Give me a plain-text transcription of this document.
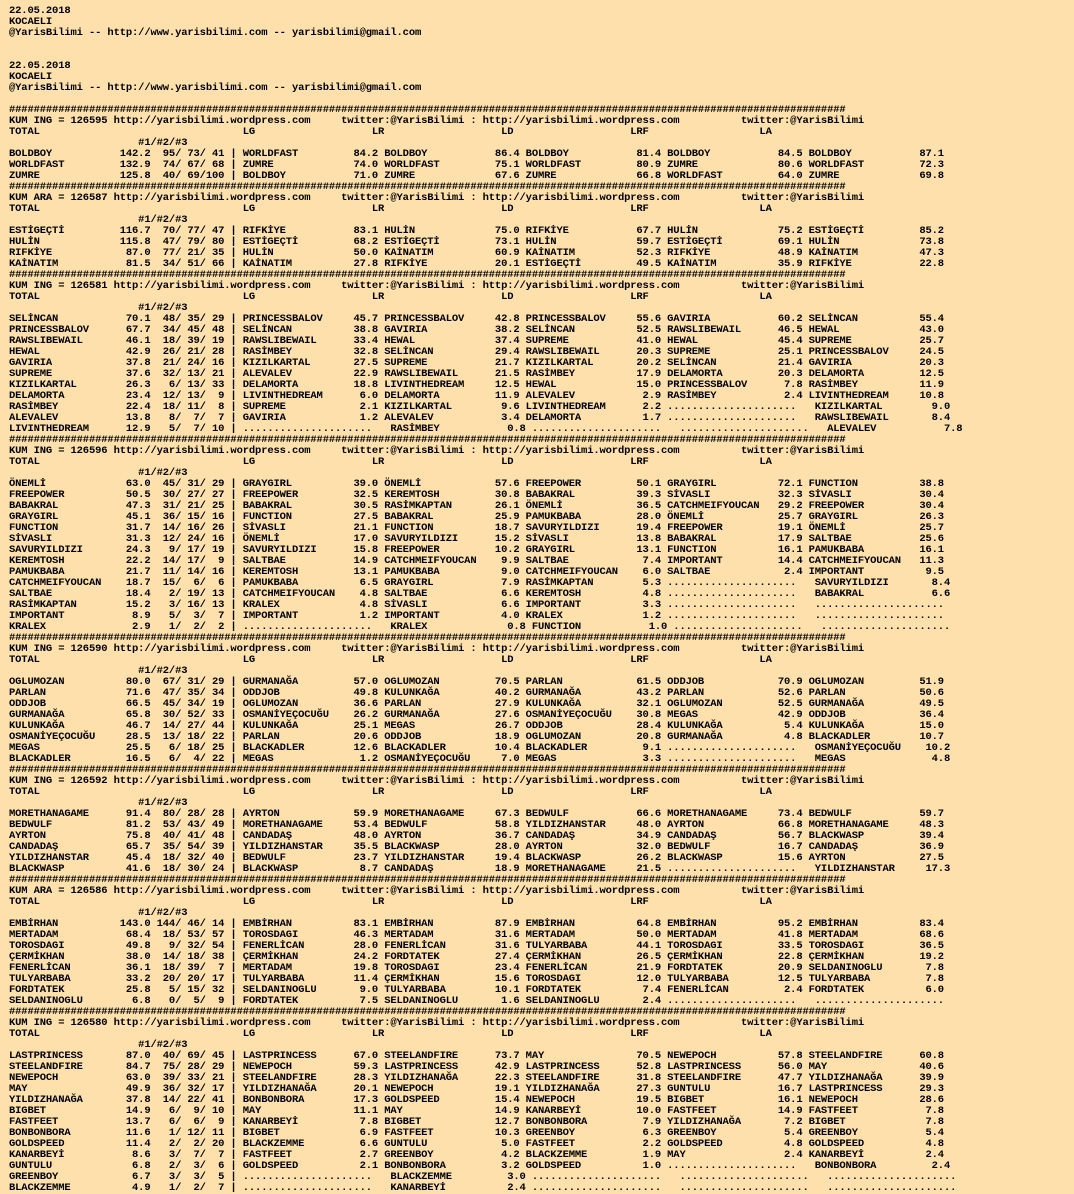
22.05.2018
KOCAELI
@YarisBilimi -- http://www.yarisbilimi.com -- yarisbilimi@gmail.com
22.05.2018
KOCAELI
@YarisBilimi -- http://www.yarisbilimi.com -- yarisbilimi@gmail.com
########################################################################################################################################
KUM ING = 126595 http://yarisbilimi.wordpress.com     twitter:@YarisBilimi : http://yarisbilimi.wordpress.com          twitter:@YarisBilimi
TOTAL                                 LG                   LR                   LD                   LRF                  LA
#1/#2/#3
BOLDBOY           142.2  95/ 73/ 41 | WORLDFAST         84.2 BOLDBOY           86.4 BOLDBOY           81.4 BOLDBOY           84.5 BOLDBOY           87.1
WORLDFAST         132.9  74/ 67/ 68 | ZUMRE             74.0 WORLDFAST         75.1 WORLDFAST         80.9 ZUMRE             80.6 WORLDFAST         72.3
ZUMRE             125.8  40/ 69/100 | BOLDBOY           71.0 ZUMRE             67.6 ZUMRE             66.8 WORLDFAST         64.0 ZUMRE             69.8
########################################################################################################################################
KUM ARA = 126587 http://yarisbilimi.wordpress.com     twitter:@YarisBilimi : http://yarisbilimi.wordpress.com          twitter:@YarisBilimi
TOTAL                                 LG                   LR                   LD                   LRF                  LA
#1/#2/#3
ESTİGEÇTİ         116.7  70/ 77/ 47 | RIFKİYE           83.1 HULİN             75.0 RIFKİYE           67.7 HULİN             75.2 ESTİGEÇTİ         85.2
HULİN             115.8  47/ 79/ 80 | ESTİGEÇTİ         68.2 ESTİGEÇTİ         73.1 HULİN             59.7 ESTİGEÇTİ         69.1 HULİN             73.8
RIFKİYE            87.0  77/ 21/ 35 | HULİN             50.0 KAİNATIM          60.9 KAİNATIM          52.3 RIFKİYE           48.9 KAİNATIM          47.3
KAİNATIM           81.5  34/ 51/ 66 | KAİNATIM          27.8 RIFKİYE           20.1 ESTİGEÇTİ         49.5 KAİNATIM          35.9 RIFKİYE           22.8
########################################################################################################################################
KUM ING = 126581 http://yarisbilimi.wordpress.com     twitter:@YarisBilimi : http://yarisbilimi.wordpress.com          twitter:@YarisBilimi
TOTAL                                 LG                   LR                   LD                   LRF                  LA
#1/#2/#3
SELİNCAN           70.1  48/ 35/ 29 | PRINCESSBALOV     45.7 PRINCESSBALOV     42.8 PRINCESSBALOV     55.6 GAVIRIA           60.2 SELİNCAN          55.4
PRINCESSBALOV      67.7  34/ 45/ 48 | SELİNCAN          38.8 GAVIRIA           38.2 SELİNCAN          52.5 RAWSLIBEWAIL      46.5 HEWAL             43.0
RAWSLIBEWAIL       46.1  18/ 39/ 19 | RAWSLIBEWAIL      33.4 HEWAL             37.4 SUPREME           41.0 HEWAL             45.4 SUPREME           25.7
HEWAL              42.9  26/ 21/ 28 | RASİMBEY          32.8 SELİNCAN          29.4 RAWSLIBEWAIL      20.3 SUPREME           25.1 PRINCESSBALOV     24.5
GAVIRIA            37.8  21/ 24/ 16 | KIZILKARTAL       27.5 SUPREME           21.7 KIZILKARTAL       20.2 SELİNCAN          21.4 GAVIRIA           20.3
SUPREME            37.6  32/ 13/ 21 | ALEVALEV          22.9 RAWSLIBEWAIL      21.5 RASİMBEY          17.9 DELAMORTA         20.3 DELAMORTA         12.5
KIZILKARTAL        26.3   6/ 13/ 33 | DELAMORTA         18.8 LIVINTHEDREAM     12.5 HEWAL             15.0 PRINCESSBALOV      7.8 RASİMBEY          11.9
DELAMORTA          23.4  12/ 13/  9 | LIVINTHEDREAM      6.0 DELAMORTA         11.9 ALEVALEV           2.9 RASİMBEY           2.4 LIVINTHEDREAM     10.8
RASİMBEY           22.4  18/ 11/  8 | SUPREME            2.1 KIZILKARTAL        9.6 LIVINTHEDREAM      2.2 .....................   KIZILKARTAL        9.0
ALEVALEV           13.8   8/  7/  7 | GAVIRIA            1.2 ALEVALEV           3.4 DELAMORTA          1.7 .....................   RAWSLIBEWAIL       8.4
LIVINTHEDREAM      12.9   5/  7/ 10 | .....................   RASİMBEY           0.8 .....................   .....................   ALEVALEV           7.8
########################################################################################################################################
KUM ING = 126596 http://yarisbilimi.wordpress.com     twitter:@YarisBilimi : http://yarisbilimi.wordpress.com          twitter:@YarisBilimi
TOTAL                                 LG                   LR                   LD                   LRF                  LA
#1/#2/#3
ÖNEMLİ             63.0  45/ 31/ 29 | GRAYGIRL          39.0 ÖNEMLİ            57.6 FREEPOWER         50.1 GRAYGIRL          72.1 FUNCTION          38.8
FREEPOWER          50.5  30/ 27/ 27 | FREEPOWER         32.5 KEREMTOSH         30.8 BABAKRAL          39.3 SİVASLI           32.3 SİVASLI           30.4
BABAKRAL           47.3  31/ 21/ 25 | BABAKRAL          30.5 RASİMKAPTAN       26.1 ÖNEMLİ            36.5 CATCHMEIFYOUCAN   29.2 FREEPOWER         30.4
GRAYGIRL           45.1  36/ 15/ 16 | FUNCTION          27.5 BABAKRAL          25.9 PAMUKBABA         28.0 ÖNEMLİ            25.7 GRAYGIRL          26.3
FUNCTION           31.7  14/ 16/ 26 | SİVASLI           21.1 FUNCTION          18.7 SAVURYILDIZI      19.4 FREEPOWER         19.1 ÖNEMLİ            25.7
SİVASLI            31.3  12/ 24/ 16 | ÖNEMLİ            17.0 SAVURYILDIZI      15.2 SİVASLI           13.8 BABAKRAL          17.9 SALTBAE           25.6
SAVURYILDIZI       24.3   9/ 17/ 19 | SAVURYILDIZI      15.8 FREEPOWER         10.2 GRAYGIRL          13.1 FUNCTION          16.1 PAMUKBABA         16.1
KEREMTOSH          22.2  14/ 17/  9 | SALTBAE           14.9 CATCHMEIFYOUCAN    9.9 SALTBAE            7.4 IMPORTANT         14.4 CATCHMEIFYOUCAN   11.3
PAMUKBABA          21.7  11/ 14/ 16 | KEREMTOSH         13.1 PAMUKBABA          9.0 CATCHMEIFYOUCAN    6.0 SALTBAE            2.4 IMPORTANT          9.5
CATCHMEIFYOUCAN    18.7  15/  6/  6 | PAMUKBABA          6.5 GRAYGIRL           7.9 RASİMKAPTAN        5.3 .....................   SAVURYILDIZI       8.4
SALTBAE            18.4   2/ 19/ 13 | CATCHMEIFYOUCAN    4.8 SALTBAE            6.6 KEREMTOSH          4.8 .....................   BABAKRAL           6.6
RASİMKAPTAN        15.2   3/ 16/ 13 | KRALEX             4.8 SİVASLI            6.6 IMPORTANT          3.3 .....................   .....................
IMPORTANT           8.9   5/  3/  7 | IMPORTANT          1.2 IMPORTANT          4.0 KRALEX             1.2 .....................   .....................
KRALEX              2.9   1/  2/  2 | .....................   KRALEX             0.8 FUNCTION           1.0 .....................   .....................
########################################################################################################################################
KUM ING = 126590 http://yarisbilimi.wordpress.com     twitter:@YarisBilimi : http://yarisbilimi.wordpress.com          twitter:@YarisBilimi
TOTAL                                 LG                   LR                   LD                   LRF                  LA
#1/#2/#3
OGLUMOZAN          80.0  67/ 31/ 29 | GURMANAĞA         57.0 OGLUMOZAN         70.5 PARLAN            61.5 ODDJOB            70.9 OGLUMOZAN         51.9
PARLAN             71.6  47/ 35/ 34 | ODDJOB            49.8 KULUNKAĞA         40.2 GURMANAĞA         43.2 PARLAN            52.6 PARLAN            50.6
ODDJOB             66.5  45/ 34/ 19 | OGLUMOZAN         36.6 PARLAN            27.9 KULUNKAĞA         32.1 OGLUMOZAN         52.5 GURMANAĞA         49.5
GURMANAĞA          65.8  30/ 52/ 33 | OSMANİYEÇOCUĞU    26.2 GURMANAĞA         27.6 OSMANİYEÇOCUĞU    30.8 MEGAS             42.9 ODDJOB            36.4
KULUNKAĞA          46.7  14/ 27/ 44 | KULUNKAĞA         25.1 MEGAS             26.7 ODDJOB            28.4 KULUNKAĞA          5.4 KULUNKAĞA         15.0
OSMANİYEÇOCUĞU     28.5  13/ 18/ 22 | PARLAN            20.6 ODDJOB            18.9 OGLUMOZAN         20.8 GURMANAĞA          4.8 BLACKADLER        10.7
MEGAS              25.5   6/ 18/ 25 | BLACKADLER        12.6 BLACKADLER        10.4 BLACKADLER         9.1 .....................   OSMANİYEÇOCUĞU    10.2
BLACKADLER         16.5   6/  4/ 22 | MEGAS              1.2 OSMANİYEÇOCUĞU     7.0 MEGAS              3.3 .....................   MEGAS              4.8
########################################################################################################################################
KUM ING = 126592 http://yarisbilimi.wordpress.com     twitter:@YarisBilimi : http://yarisbilimi.wordpress.com          twitter:@YarisBilimi
TOTAL                                 LG                   LR                   LD                   LRF                  LA
#1/#2/#3
MORETHANAGAME      91.4  80/ 28/ 28 | AYRTON            59.9 MORETHANAGAME     67.3 BEDWULF           66.6 MORETHANAGAME     73.4 BEDWULF           59.7
BEDWULF            81.2  53/ 43/ 49 | MORETHANAGAME     53.4 BEDWULF           58.8 YILDIZHANSTAR     48.0 AYRTON            66.8 MORETHANAGAME     48.3
AYRTON             75.8  40/ 41/ 48 | CANDADAŞ          48.0 AYRTON            36.7 CANDADAŞ          34.9 CANDADAŞ          56.7 BLACKWASP         39.4
CANDADAŞ           65.7  35/ 54/ 39 | YILDIZHANSTAR     35.5 BLACKWASP         28.0 AYRTON            32.0 BEDWULF           16.7 CANDADAŞ          36.9
YILDIZHANSTAR      45.4  18/ 32/ 40 | BEDWULF           23.7 YILDIZHANSTAR     19.4 BLACKWASP         26.2 BLACKWASP         15.6 AYRTON            27.5
BLACKWASP          41.6  18/ 30/ 24 | BLACKWASP          8.7 CANDADAŞ          18.9 MORETHANAGAME     21.5 .....................   YILDIZHANSTAR     17.3
########################################################################################################################################
KUM ARA = 126586 http://yarisbilimi.wordpress.com     twitter:@YarisBilimi : http://yarisbilimi.wordpress.com          twitter:@YarisBilimi
TOTAL                                 LG                   LR                   LD                   LRF                  LA
#1/#2/#3
EMBİRHAN          143.0 144/ 46/ 14 | EMBİRHAN          83.1 EMBİRHAN          87.9 EMBİRHAN          64.8 EMBİRHAN          95.2 EMBİRHAN          83.4
MERTADAM           68.4  18/ 53/ 57 | TOROSDAGI         46.3 MERTADAM          31.6 MERTADAM          50.0 MERTADAM          41.8 MERTADAM          68.6
TOROSDAGI          49.8   9/ 32/ 54 | FENERLİCAN        28.0 FENERLİCAN        31.6 TULYARBABA        44.1 TOROSDAGI         33.5 TOROSDAGI         36.5
ÇERMİKHAN          38.0  14/ 18/ 38 | ÇERMİKHAN         24.2 FORDTATEK         27.4 ÇERMİKHAN         26.5 ÇERMİKHAN         22.8 ÇERMİKHAN         19.2
FENERLİCAN         36.1  18/ 39/  7 | MERTADAM          19.8 TOROSDAGI         23.4 FENERLİCAN        21.9 FORDTATEK         20.9 SELDANINOGLU       7.8
TULYARBABA         33.2  20/ 20/ 17 | TULYARBABA        11.4 ÇERMİKHAN         15.6 TOROSDAGI         12.0 TULYARBABA        12.5 TULYARBABA         7.8
FORDTATEK          25.8   5/ 15/ 32 | SELDANINOGLU       9.0 TULYARBABA        10.1 FORDTATEK          7.4 FENERLİCAN         2.4 FORDTATEK          6.0
SELDANINOGLU        6.8   0/  5/  9 | FORDTATEK          7.5 SELDANINOGLU       1.6 SELDANINOGLU       2.4 .....................   .....................
########################################################################################################################################
KUM ING = 126580 http://yarisbilimi.wordpress.com     twitter:@YarisBilimi : http://yarisbilimi.wordpress.com          twitter:@YarisBilimi
TOTAL                                 LG                   LR                   LD                   LRF                  LA
#1/#2/#3
LASTPRINCESS       87.0  40/ 69/ 45 | LASTPRINCESS      67.0 STEELANDFIRE      73.7 MAY               70.5 NEWEPOCH          57.8 STEELANDFIRE      60.8
STEELANDFIRE       84.7  75/ 28/ 29 | NEWEPOCH          59.3 LASTPRINCESS      42.9 LASTPRINCESS      52.8 LASTPRINCESS      56.0 MAY               40.6
NEWEPOCH           63.0  39/ 33/ 21 | STEELANDFIRE      28.3 YILDIZHANAĞA      22.3 STEELANDFIRE      31.8 STEELANDFIRE      47.7 YILDIZHANAĞA      39.9
MAY                49.9  36/ 32/ 17 | YILDIZHANAĞA      20.1 NEWEPOCH          19.1 YILDIZHANAĞA      27.3 GUNTULU           16.7 LASTPRINCESS      29.3
YILDIZHANAĞA       37.8  14/ 22/ 41 | BONBONBORA        17.3 GOLDSPEED         15.4 NEWEPOCH          19.5 BIGBET            16.1 NEWEPOCH          28.6
BIGBET             14.9   6/  9/ 10 | MAY               11.1 MAY               14.9 KANARBEYİ         10.0 FASTFEET          14.9 FASTFEET           7.8
FASTFEET           13.7   6/  6/  9 | KANARBEYİ          7.8 BIGBET            12.7 BONBONBORA         7.9 YILDIZHANAĞA       7.2 BIGBET             7.8
BONBONBORA         11.6   1/ 12/ 11 | BIGBET             6.9 FASTFEET          10.3 GREENBOY           6.3 GREENBOY           5.4 GREENBOY           5.4
GOLDSPEED          11.4   2/  2/ 20 | BLACKZEMME         6.6 GUNTULU            5.0 FASTFEET           2.2 GOLDSPEED          4.8 GOLDSPEED          4.8
KANARBEYİ           8.6   3/  7/  7 | FASTFEET           2.7 GREENBOY           4.2 BLACKZEMME         1.9 MAY                2.4 KANARBEYİ          2.4
GUNTULU             6.8   2/  3/  6 | GOLDSPEED          2.1 BONBONBORA         3.2 GOLDSPEED          1.0 .....................   BONBONBORA         2.4
GREENBOY            6.7   3/  3/  5 | .....................   BLACKZEMME         3.0 .....................   .....................   .....................
BLACKZEMME          4.9   1/  2/  7 | .....................   KANARBEYİ          2.4 .....................   .....................   .....................
